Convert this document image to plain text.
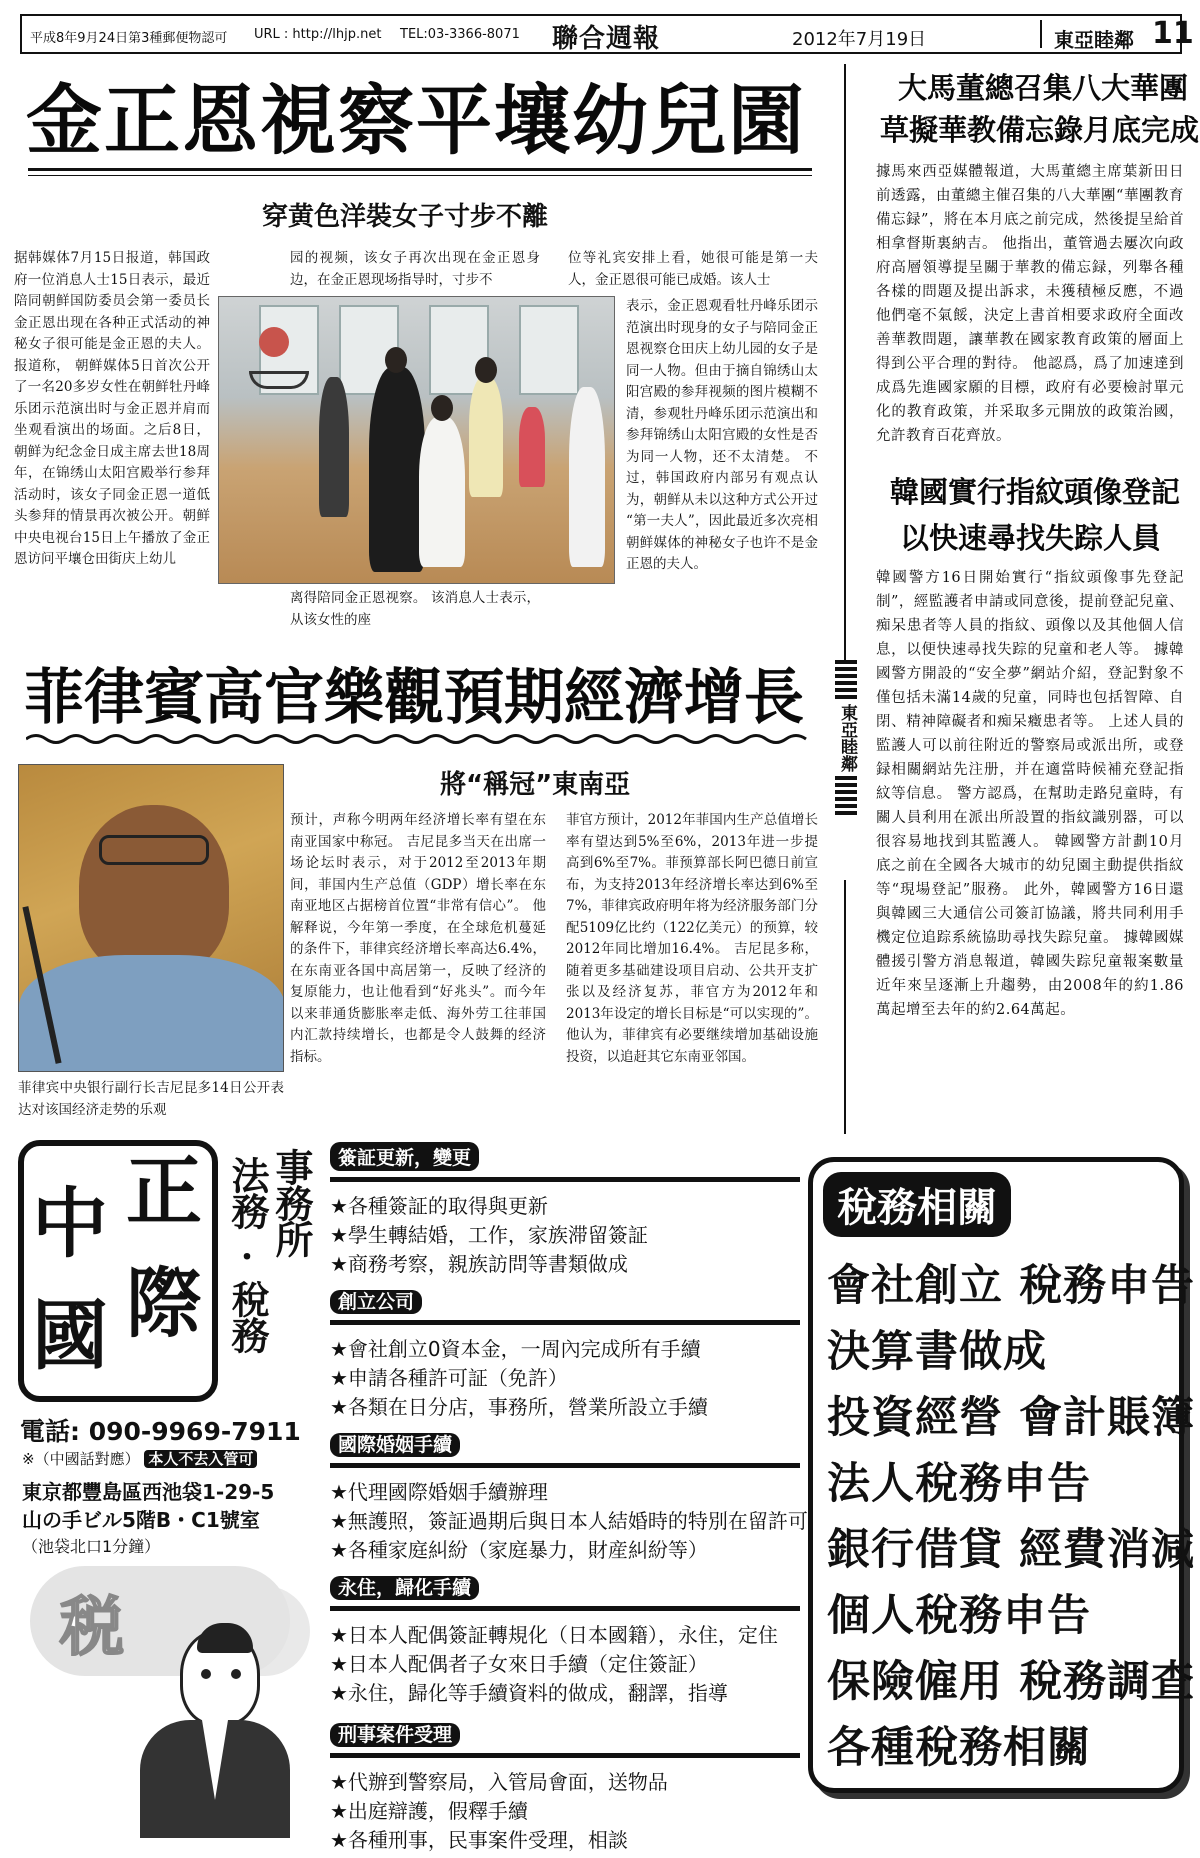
平成8年9月24日第3種郵便物認可 URL : http://lhjp.net TEL:03-3366-8071 聯合週報	2012年7月19日	東亞睦鄰 11
金正恩視察平壤幼兒園
穿黄色洋裝女子寸步不離
据韩媒体7月15日报道，韩国政府一位消息人士15日表示，最近陪同朝鲜国防委员会第一委员长金正恩出现在各种正式活动的神秘女子很可能是金正恩的夫人。 报道称， 朝鲜媒体5日首次公开了一名20多岁女性在朝鲜牡丹峰乐团示范演出时与金正恩并肩而坐观看演出的场面。之后8日，朝鲜为纪念金日成主席去世18周年，在锦绣山太阳宫殿举行参拜活动时，该女子同金正恩一道低头参拜的情景再次被公开。朝鲜中央电视台15日上午播放了金正恩访问平壤仓田街庆上幼儿
园的视频，该女子再次出现在金正恩身边，在金正恩现场指导时，寸步不
离得陪同金正恩视察。 该消息人士表示，从该女性的座
位等礼宾安排上看，她很可能是第一夫人，金正恩很可能已成婚。该人士
表示，金正恩观看牡丹峰乐团示范演出时现身的女子与陪同金正恩视察仓田庆上幼儿园的女子是同一人物。但由于摘自锦绣山太阳宫殿的参拜视频的图片模糊不清，参观牡丹峰乐团示范演出和参拜锦绣山太阳宫殿的女性是否为同一人物，还不太清楚。 不过，韩国政府内部另有观点认为，朝鲜从未以这种方式公开过 “第一夫人”，因此最近多次亮相朝鲜媒体的神秘女子也许不是金正恩的夫人。
菲律賓高官樂觀預期經濟增長
將“稱冠”東南亞
菲律宾中央银行副行长吉尼昆多14日公开表达对该国经济走势的乐观
预计，声称今明两年经济增长率有望在东南亚国家中称冠。 吉尼昆多当天在出席一场论坛时表示，对于2012至2013年期间，菲国内生产总值（GDP）增长率在东南亚地区占据榜首位置“非常有信心”。 他解释说，今年第一季度，在全球危机蔓延的条件下，菲律宾经济增长率高达6.4%，在东南亚各国中高居第一，反映了经济的复原能力，也让他看到“好兆头”。而今年以来菲通货膨胀率走低、海外劳工往菲国内汇款持续增长，也都是令人鼓舞的经济指标。
菲官方预计，2012年菲国内生产总值增长率有望达到5%至6%，2013年进一步提高到6%至7%。菲预算部长阿巴德日前宣布，为支持2013年经济增长率达到6%至7%，菲律宾政府明年将为经济服务部门分配5109亿比约（122亿美元）的预算，较2012年同比增加16.4%。 吉尼昆多称，随着更多基础建设项目启动、公共开支扩张以及经济复苏，菲官方为2012年和2013年设定的增长目标是“可以实现的”。他认为，菲律宾有必要继续增加基础设施投资，以追赶其它东南亚邻国。
東亞睦鄰
大馬董總召集八大華團
草擬華教備忘錄月底完成
據馬來西亞媒體報道，大馬董總主席葉新田日前透露，由董總主催召集的八大華團“華團教育備忘録”，將在本月底之前完成，然後提呈給首相拿督斯裏納吉。 他指出，董管過去屢次向政府高層領導提呈關于華教的備忘録，列舉各種各樣的問題及提出訴求，未獲積極反應，不過他們毫不氣餒，決定上書首相要求政府全面改善華教問題，讓華教在國家教育政策的層面上得到公平合理的對待。 他認爲，爲了加速達到成爲先進國家願的目標，政府有必要檢討單元化的教育政策，并采取多元開放的政策治國，允許教育百花齊放。
韓國實行指紋頭像登記
以快速尋找失踪人員
韓國警方16日開始實行“指紋頭像事先登記制”，經監護者申請或同意後，提前登記兒童、痴呆患者等人員的指紋、頭像以及其他個人信息，以便快速尋找失踪的兒童和老人等。 據韓國警方開設的“安全夢”網站介紹，登記對象不僅包括未滿14歲的兒童，同時也包括智障、自閉、精神障礙者和痴呆癥患者等。 上述人員的監護人可以前往附近的警察局或派出所，或登録相關網站先注册，并在適當時候補充登記指紋等信息。 警方認爲，在幫助走路兒童時，有關人員利用在派出所設置的指紋識别器，可以很容易地找到其監護人。 韓國警方計劃10月底之前在全國各大城市的幼兒園主動提供指紋等“現場登記”服務。 此外，韓國警方16日還與韓國三大通信公司簽訂協議，將共同利用手機定位追踪系統協助尋找失踪兒童。 據韓國媒體援引警方消息報道，韓國失踪兒童報案數量近年來呈逐漸上升趨勢，由2008年的約1.86萬起增至去年的約2.64萬起。
中 正
國 際
法務
・
稅務
事務所
電話: 090-9969-7911
※（中國話對應） 本人不去入管可
東京都豐島區西池袋1-29-5
山の手ビル5階B・C1號室
（池袋北口1分鐘）
税
簽証更新，變更
★各種簽証的取得與更新
★學生轉結婚，工作，家族滞留簽証
★商務考察，親族訪問等書類做成
創立公司
★會社創立0資本金，一周內完成所有手續
★申請各種許可証（免許）
★各類在日分店，事務所，營業所設立手續
國際婚姻手續
★代理國際婚姻手續辦理
★無護照，簽証過期后與日本人結婚時的特別在留許可
★各種家庭糾紛（家庭暴力，財産糾紛等）
永住，歸化手續
★日本人配偶簽証轉規化（日本國籍），永住，定住
★日本人配偶者子女來日手續（定住簽証）
★永住，歸化等手續資料的做成，翻譯，指導
刑事案件受理
★代辦到警察局，入管局會面，送物品
★出庭辯護，假釋手續
★各種刑事，民事案件受理，相談
稅務相關
會社創立 稅務申告
決算書做成
投資經營 會計賬簿
法人稅務申告
銀行借貸 經費消減
個人稅務申告
保險僱用 稅務調查
各種稅務相關
